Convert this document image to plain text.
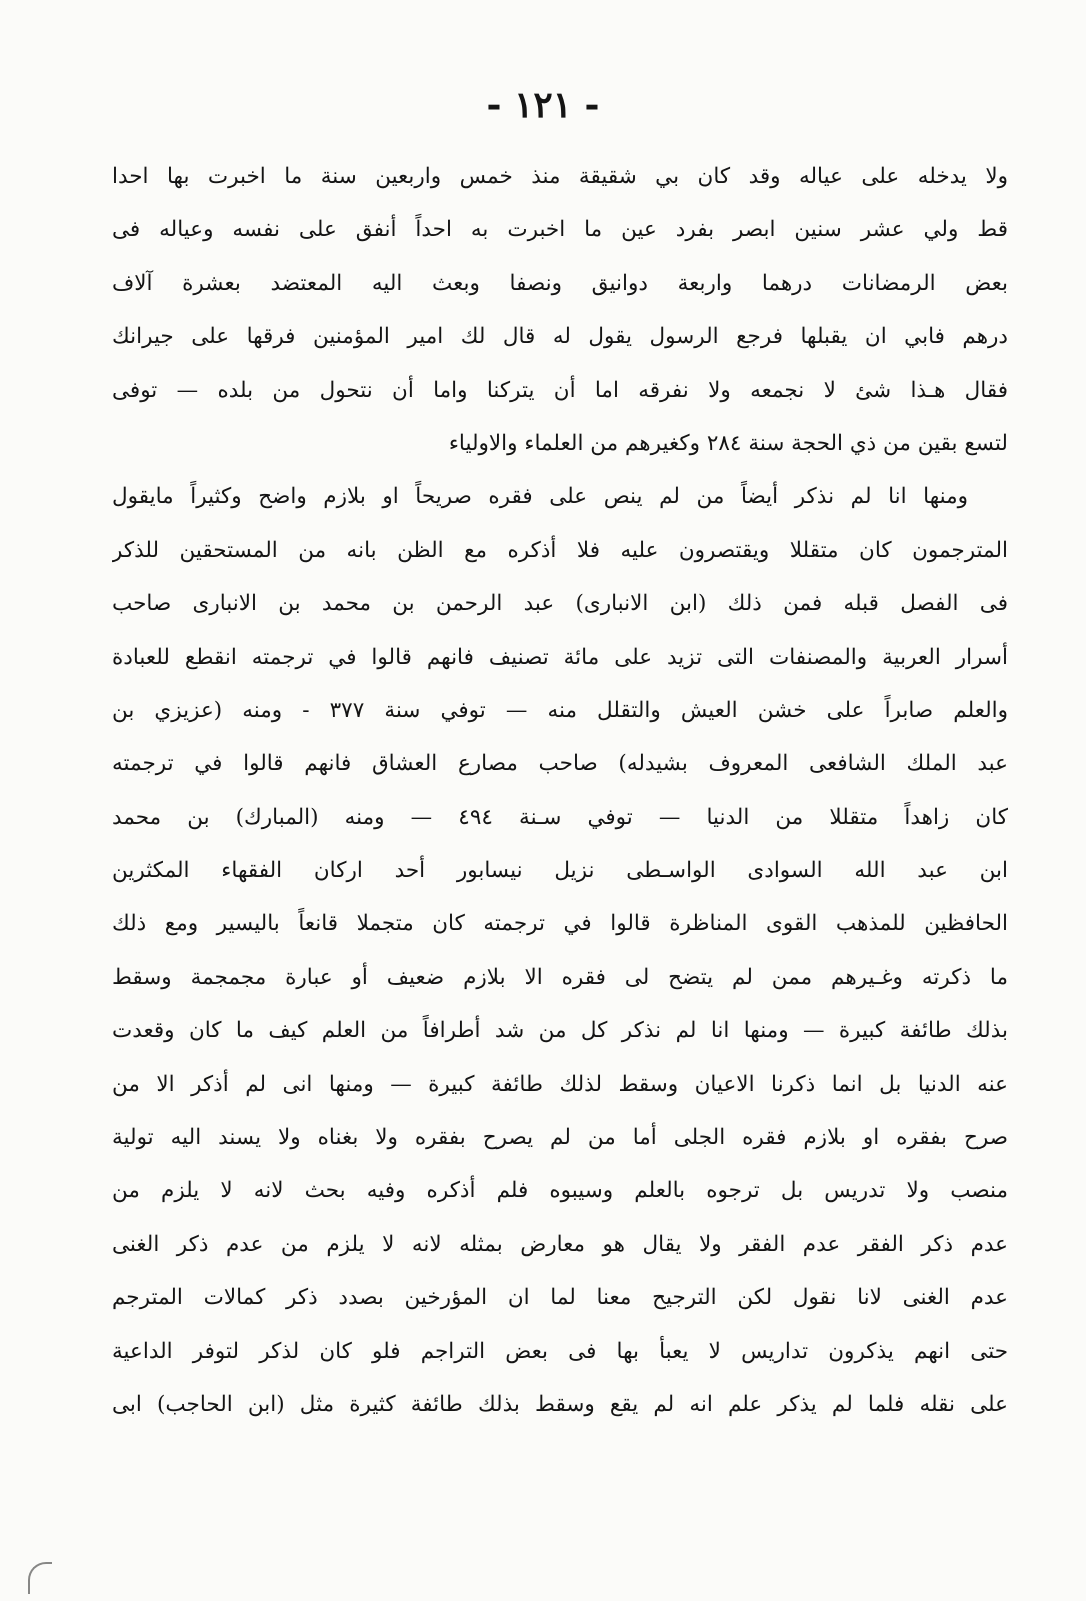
- ١٢١ -
ولا يدخله على عياله وقد كان بي شقيقة منذ خمس واربعين سنة ما اخبرت بها احدا
قط ولي عشر سنين ابصر بفرد عين ما اخبرت به احداً أنفق على نفسه وعياله فى
بعض الرمضانات درهما واربعة دوانيق ونصفا وبعث اليه المعتضد بعشرة آلاف
درهم فابي ان يقبلها فرجع الرسول يقول له قال لك امير المؤمنين فرقها على جيرانك
فقال هـذا شئ لا نجمعه ولا نفرقه اما أن يتركنا واما أن نتحول من بلده — توفى
لتسع بقين من ذي الحجة سنة ٢٨٤ وكغيرهم من العلماء والاولياء
ومنها انا لم نذكر أيضاً من لم ينص على فقره صريحاً او بلازم واضح وكثيراً مايقول
المترجمون كان متقللا ويقتصرون عليه فلا أذكره مع الظن بانه من المستحقين للذكر
فى الفصل قبله فمن ذلك (ابن الانبارى) عبد الرحمن بن محمد بن الانبارى صاحب
أسرار العربية والمصنفات التى تزيد على مائة تصنيف فانهم قالوا في ترجمته انقطع للعبادة
والعلم صابراً على خشن العيش والتقلل منه — توفي سنة ٣٧٧ - ومنه (عزيزي بن
عبد الملك الشافعى المعروف بشيدله) صاحب مصارع العشاق فانهم قالوا في ترجمته
كان زاهداً متقللا من الدنيا — توفي سـنة ٤٩٤ — ومنه (المبارك) بن محمد
ابن عبد الله السوادى الواسـطى نزيل نيسابور أحد اركان الفقهاء المكثرين
الحافظين للمذهب القوى المناظرة قالوا في ترجمته كان متجملا قانعاً باليسير ومع ذلك
ما ذكرته وغـيرهم ممن لم يتضح لى فقره الا بلازم ضعيف أو عبارة مجمجمة وسقط
بذلك طائفة كبيرة — ومنها انا لم نذكر كل من شد أطرافاً من العلم كيف ما كان وقعدت
عنه الدنيا بل انما ذكرنا الاعيان وسقط لذلك طائفة كبيرة — ومنها انى لم أذكر الا من
صرح بفقره او بلازم فقره الجلى أما من لم يصرح بفقره ولا بغناه ولا يسند اليه تولية
منصب ولا تدريس بل ترجوه بالعلم وسيبوه فلم أذكره وفيه بحث لانه لا يلزم من
عدم ذكر الفقر عدم الفقر ولا يقال هو معارض بمثله لانه لا يلزم من عدم ذكر الغنى
عدم الغنى لانا نقول لكن الترجيح معنا لما ان المؤرخين بصدد ذكر كمالات المترجم
حتى انهم يذكرون تداريس لا يعبأ بها فى بعض التراجم فلو كان لذكر لتوفر الداعية
على نقله فلما لم يذكر علم انه لم يقع وسقط بذلك طائفة كثيرة مثل (ابن الحاجب) ابى
